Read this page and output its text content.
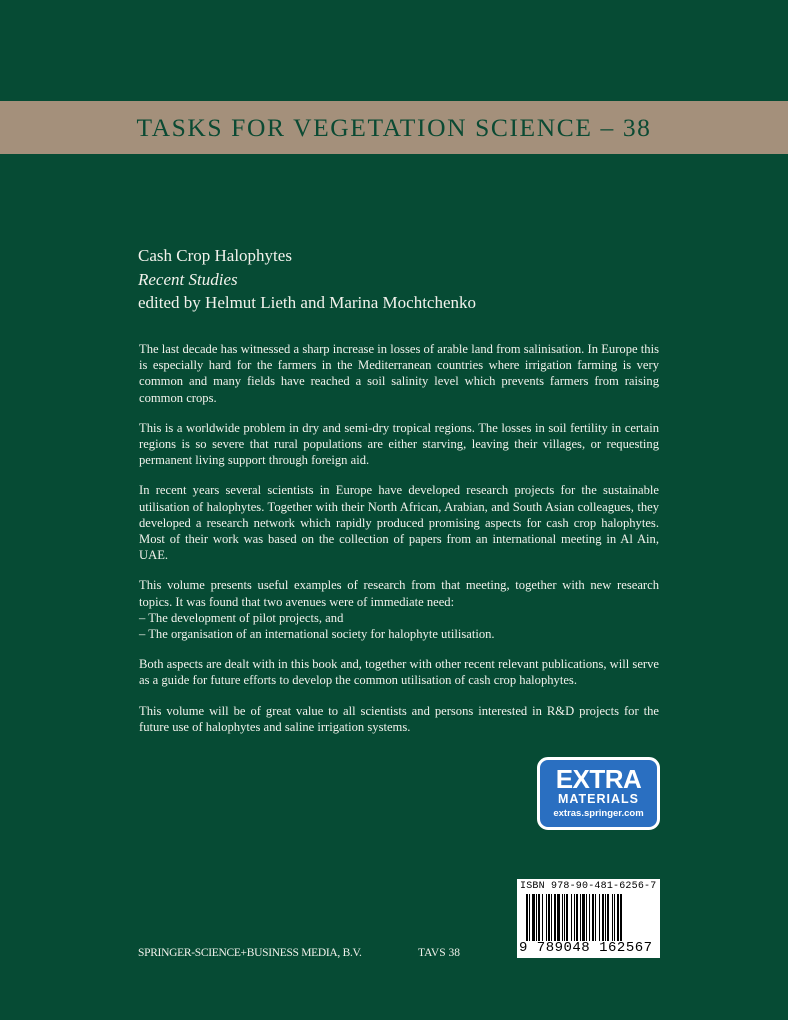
TASKS FOR VEGETATION SCIENCE – 38
Cash Crop Halophytes
Recent Studies
edited by Helmut Lieth and Marina Mochtchenko

The last decade has witnessed a sharp increase in losses of arable land from salinisation. In Europe this is especially hard for the farmers in the Mediterranean countries where irrigation farming is very common and many fields have reached a soil salinity level which prevents farmers from raising common crops.

This is a worldwide problem in dry and semi-dry tropical regions. The losses in soil fertility in certain regions is so severe that rural populations are either starving, leaving their villages, or requesting permanent living support through foreign aid.

In recent years several scientists in Europe have developed research projects for the sustainable utilisation of halophytes. Together with their North African, Arabian, and South Asian colleagues, they developed a research network which rapidly produced promising aspects for cash crop halophytes. Most of their work was based on the collection of papers from an international meeting in Al Ain, UAE.

This volume presents useful examples of research from that meeting, together with new research topics. It was found that two avenues were of immediate need:
– The development of pilot projects, and
– The organisation of an international society for halophyte utilisation.

Both aspects are dealt with in this book and, together with other recent relevant publications, will serve as a guide for future efforts to develop the common utilisation of cash crop halophytes.

This volume will be of great value to all scientists and persons interested in R&D projects for the future use of halophytes and saline irrigation systems.

EXTRA
MATERIALS
extras.springer.com
ISBN 978-90-481-6256-7
9 789048 162567
SPRINGER-SCIENCE+BUSINESS MEDIA, B.V.	TAVS 38
